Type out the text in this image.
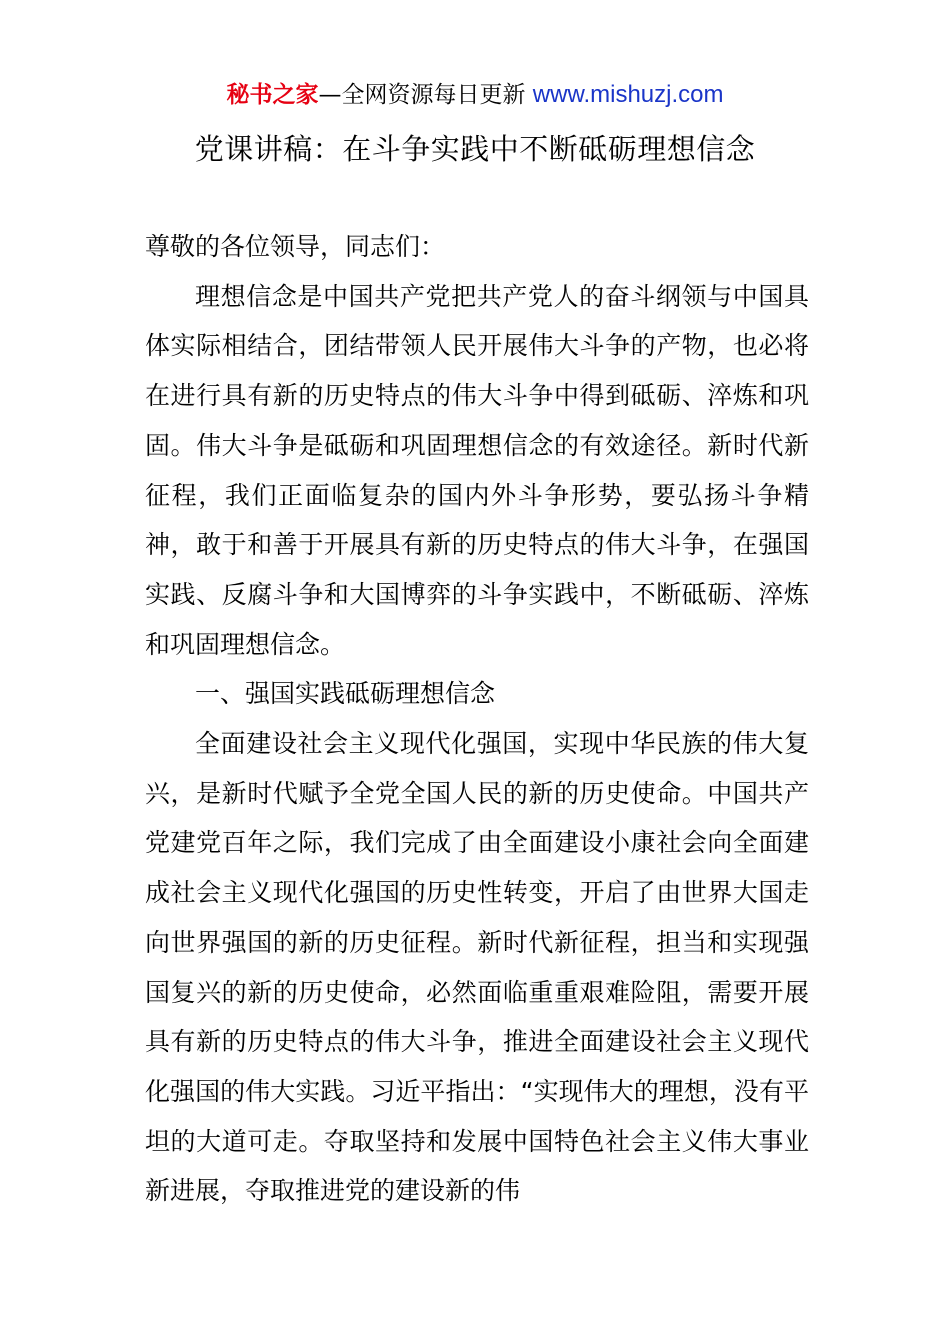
秘书之家—全网资源每日更新 www.mishuzj.com
党课讲稿：在斗争实践中不断砥砺理想信念

尊敬的各位领导，同志们：

理想信念是中国共产党把共产党人的奋斗纲领与中国具体实际相结合，团结带领人民开展伟大斗争的产物，也必将在进行具有新的历史特点的伟大斗争中得到砥砺、淬炼和巩固。伟大斗争是砥砺和巩固理想信念的有效途径。新时代新征程，我们正面临复杂的国内外斗争形势，要弘扬斗争精神，敢于和善于开展具有新的历史特点的伟大斗争，在强国实践、反腐斗争和大国博弈的斗争实践中，不断砥砺、淬炼和巩固理想信念。

一、强国实践砥砺理想信念

全面建设社会主义现代化强国，实现中华民族的伟大复兴，是新时代赋予全党全国人民的新的历史使命。中国共产党建党百年之际，我们完成了由全面建设小康社会向全面建成社会主义现代化强国的历史性转变，开启了由世界大国走向世界强国的新的历史征程。新时代新征程，担当和实现强国复兴的新的历史使命，必然面临重重艰难险阻，需要开展具有新的历史特点的伟大斗争，推进全面建设社会主义现代化强国的伟大实践。习近平指出：“实现伟大的理想，没有平坦的大道可走。夺取坚持和发展中国特色社会主义伟大事业新进展，夺取推进党的建设新的伟
